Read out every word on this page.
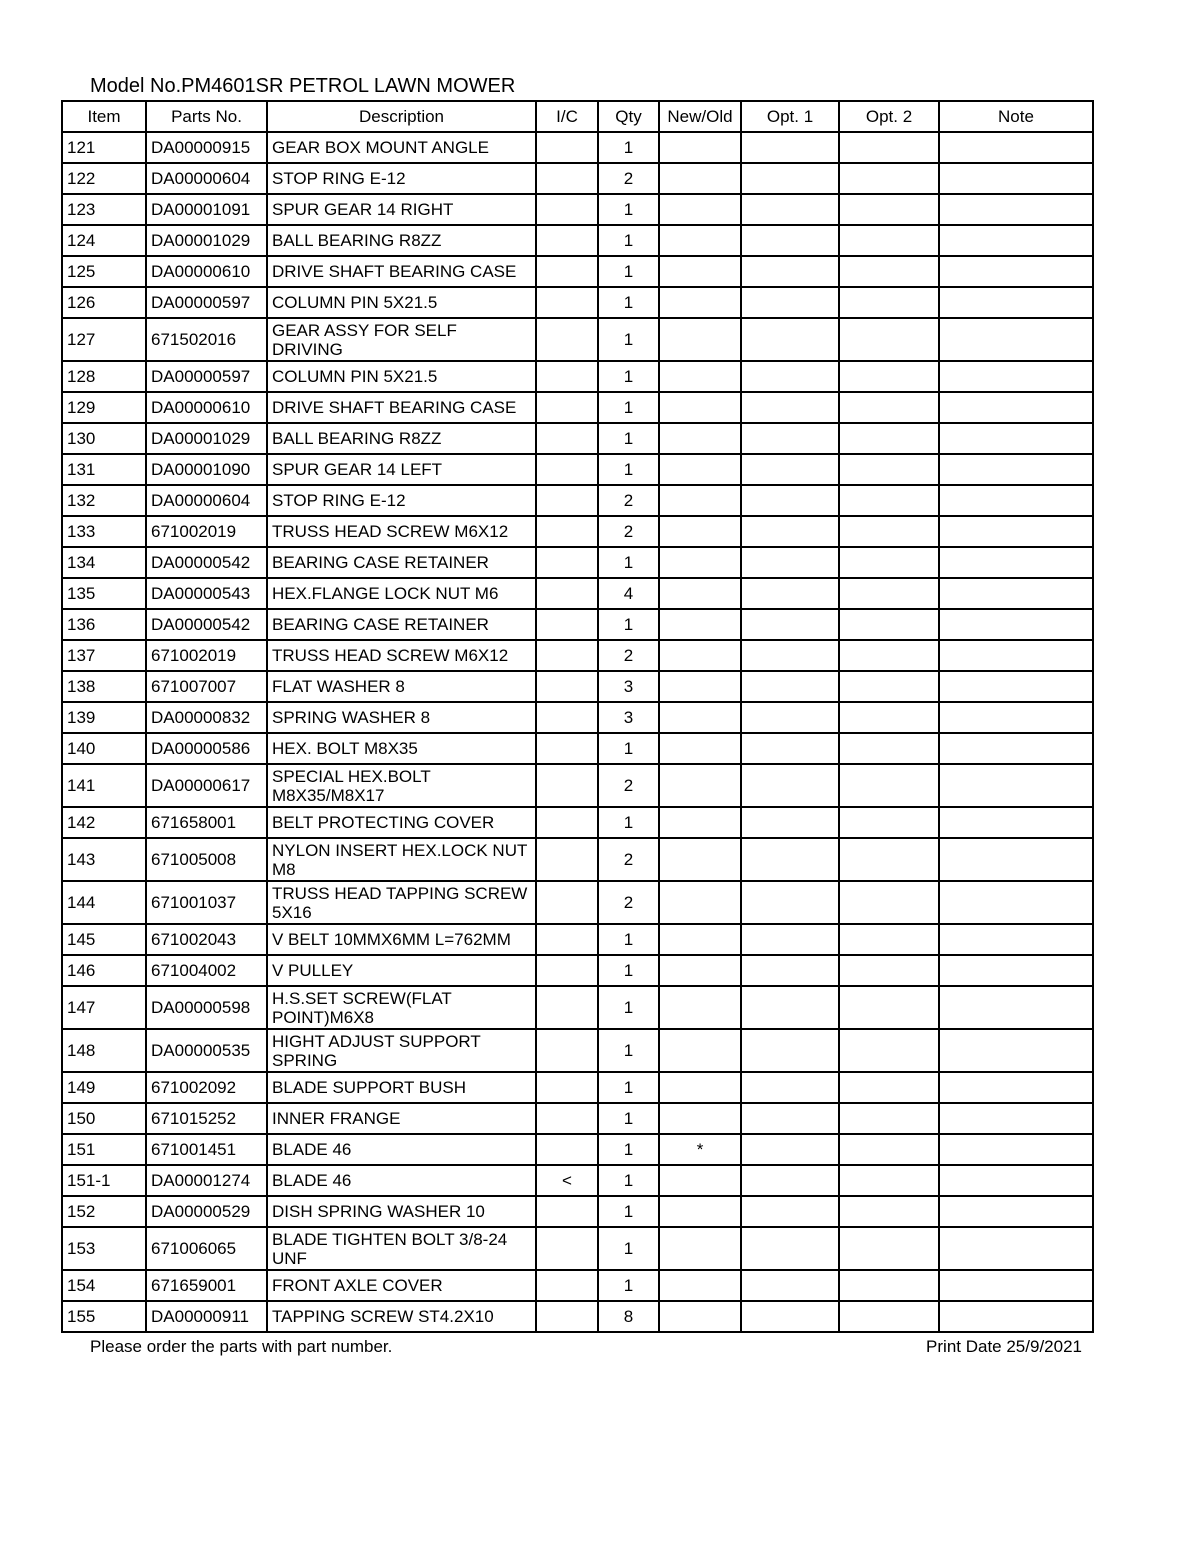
Model No.PM4601SR PETROL LAWN MOWER
Item	Parts No.	Description	I/C	Qty	New/Old	Opt. 1	Opt. 2	Note
121	DA00000915	GEAR BOX MOUNT ANGLE		1				
122	DA00000604	STOP RING E-12		2				
123	DA00001091	SPUR GEAR 14 RIGHT		1				
124	DA00001029	BALL BEARING R8ZZ		1				
125	DA00000610	DRIVE SHAFT BEARING CASE		1				
126	DA00000597	COLUMN PIN 5X21.5		1				
127	671502016	GEAR ASSY FOR SELF DRIVING		1				
128	DA00000597	COLUMN PIN 5X21.5		1				
129	DA00000610	DRIVE SHAFT BEARING CASE		1				
130	DA00001029	BALL BEARING R8ZZ		1				
131	DA00001090	SPUR GEAR 14 LEFT		1				
132	DA00000604	STOP RING E-12		2				
133	671002019	TRUSS HEAD SCREW M6X12		2				
134	DA00000542	BEARING CASE RETAINER		1				
135	DA00000543	HEX.FLANGE LOCK NUT M6		4				
136	DA00000542	BEARING CASE RETAINER		1				
137	671002019	TRUSS HEAD SCREW M6X12		2				
138	671007007	FLAT WASHER 8		3				
139	DA00000832	SPRING WASHER 8		3				
140	DA00000586	HEX. BOLT M8X35		1				
141	DA00000617	SPECIAL HEX.BOLT M8X35/M8X17		2				
142	671658001	BELT PROTECTING COVER		1				
143	671005008	NYLON INSERT HEX.LOCK NUT M8		2				
144	671001037	TRUSS HEAD TAPPING SCREW 5X16		2				
145	671002043	V BELT 10MMX6MM L=762MM		1				
146	671004002	V PULLEY		1				
147	DA00000598	H.S.SET SCREW(FLAT POINT)M6X8		1				
148	DA00000535	HIGHT ADJUST SUPPORT SPRING		1				
149	671002092	BLADE SUPPORT BUSH		1				
150	671015252	INNER FRANGE		1				
151	671001451	BLADE 46		1	*			
151-1	DA00001274	BLADE 46	<	1				
152	DA00000529	DISH SPRING WASHER 10		1				
153	671006065	BLADE TIGHTEN BOLT 3/8-24 UNF		1				
154	671659001	FRONT AXLE COVER		1				
155	DA00000911	TAPPING SCREW ST4.2X10		8				
Please order the parts with part number.	Print Date 25/9/2021
